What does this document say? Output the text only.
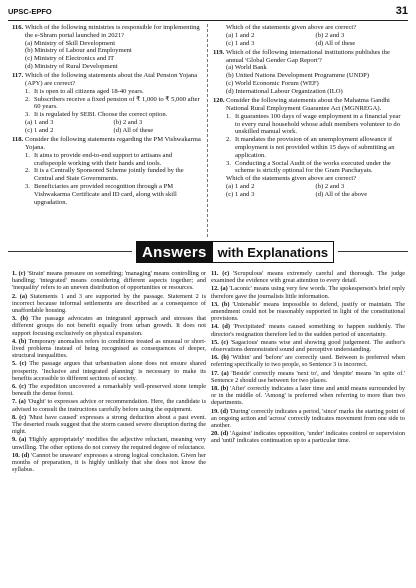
UPSC-EPFO	31
116. Which of the following ministries is responsible for implementing the e-Shram portal launched in 2021?
(a) Ministry of Skill Development
(b) Ministry of Labour and Employment
(c) Ministry of Electronics and IT
(d) Ministry of Rural Development
117. Which of the following statements about the Atal Pension Yojana (APY) are correct?
1. It is open to all citizens aged 18-40 years.
2. Subscribers receive a fixed pension of ₹ 1,000 to ₹ 5,000 after 60 years.
3. It is regulated by SEBI. Choose the correct option.
(a) 1 and 3	(b) 2 and 3
(c) 1 and 2	(d) All of these
118. Consider the following statements regarding the PM Vishwakarma Yojana.
1. It aims to provide end-to-end support to artisans and craftspeople working with their hands and tools.
2. It is a Centrally Sponsored Scheme jointly funded by the Central and State Governments.
3. Beneficiaries are provided recognition through a PM Vishwakarma Certificate and ID card, along with skill upgradation.
Which of the statements given above are correct?
(a) 1 and 2	(b) 2 and 3
(c) 1 and 3	(d) All of these
119. Which of the following international institutions publishes the annual 'Global Gender Gap Report'?
(a) World Bank
(b) United Nations Development Programme (UNDP)
(c) World Economic Forum (WEF)
(d) International Labour Organization (ILO)
120. Consider the following statements about the Mahatma Gandhi National Rural Employment Guarantee Act (MGNREGA).
1. It guarantees 100 days of wage employment in a financial year to every rural household whose adult members volunteer to do unskilled manual work.
2. It mandates the provision of an unemployment allowance if employment is not provided within 15 days of submitting an application.
3. Conducting a Social Audit of the works executed under the scheme is strictly optional for the Gram Panchayats.
Which of the statements given above are correct?
(a) 1 and 2	(b) 2 and 3
(c) 1 and 3	(d) All of the above
Answers with Explanations
1. (c) 'Strain' means pressure on something; 'managing' means controlling or handling; 'integrated' means considering different aspects together; and 'inequality' refers to an uneven distribution of opportunities or resources.
2. (a) Statements 1 and 3 are supported by the passage. Statement 2 is incorrect because informal settlements are described as a consequence of unaffordable housing.
3. (b) The passage advocates an integrated approach and stresses that different groups do not benefit equally from urban growth. It does not support focusing exclusively on physical expansion.
4. (b) Temporary anomalies refers to conditions treated as unusual or short-lived problems instead of being recognised as consequences of deeper, structural inequalities.
5. (c) The passage argues that urbanisation alone does not ensure shared prosperity. 'Inclusive and integrated planning' is necessary to make its benefits accessible to different sections of society.
6. (c) The expedition uncovered a remarkably well-preserved stone temple beneath the dense forest.
7. (a) 'Ought' to expresses advice or recommendation. Here, the candidate is advised to consult the instructions carefully before using the equipment.
8. (c) 'Must have caused' expresses a strong deduction about a past event. The deserted roads suggest that the storm caused severe disruption during the night.
9. (a) 'Highly appropriately' modifies the adjective reluctant, meaning very unwilling. The other options do not convey the required degree of reluctance.
10. (d) 'Cannot be unaware' expresses a strong logical conclusion. Given her months of preparation, it is highly unlikely that she does not know the syllabus.
11. (c) 'Scrupulous' means extremely careful and thorough. The judge examined the evidence with great attention to every detail.
12. (a) 'Laconic' means using very few words. The spokesperson's brief reply therefore gave the journalists little information.
13. (b) 'Untenable' means impossible to defend, justify or maintain. The amendment could not be reasonably supported in light of the constitutional provisions.
14. (d) 'Precipitated' means caused something to happen suddenly. The director's resignation therefore led to the sudden period of uncertainty.
15. (c) 'Sagacious' means wise and showing good judgement. The author's observations demonstrated sound and perceptive understanding.
16. (b) 'Within' and 'before' are correctly used. Between is preferred when referring specifically to two people, so Sentence 3 is incorrect.
17. (a) 'Beside' correctly means 'next to', and 'despite' means 'in spite of.' Sentence 2 should use between for two places.
18. (b) 'After' correctly indicates a later time and amid means surrounded by or in the middle of. 'Among' is preferred when referring to more than two departments.
19. (d) 'During' correctly indicates a period, 'since' marks the starting point of an ongoing action and 'across' correctly indicates movement from one side to another.
20. (d) 'Against' indicates opposition, 'under' indicates control or supervision and 'until' indicates continuation up to a particular time.
